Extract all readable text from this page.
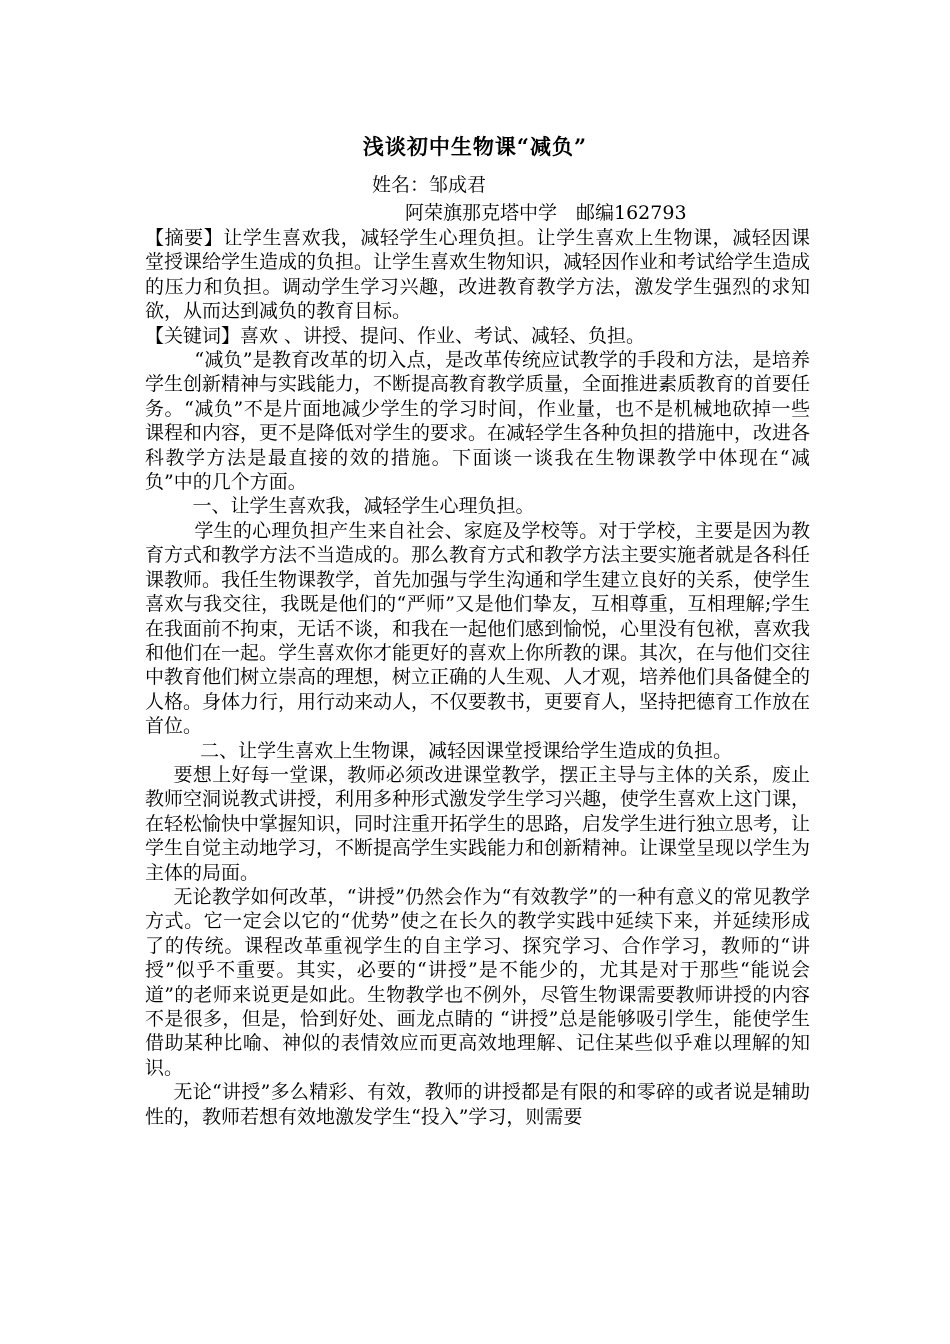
浅谈初中生物课“减负”
姓名：邹成君
阿荣旗那克塔中学　邮编162793

【摘要】让学生喜欢我，减轻学生心理负担。让学生喜欢上生物课，减轻因课堂授课给学生造成的负担。让学生喜欢生物知识，减轻因作业和考试给学生造成的压力和负担。调动学生学习兴趣，改进教育教学方法，激发学生强烈的求知欲，从而达到减负的教育目标。

【关键词】喜欢 、讲授、提问、作业、考试、减轻、负担。

“减负”是教育改革的切入点，是改革传统应试教学的手段和方法，是培养学生创新精神与实践能力，不断提高教育教学质量，全面推进素质教育的首要任务。“减负”不是片面地减少学生的学习时间，作业量，也不是机械地砍掉一些课程和内容，更不是降低对学生的要求。在减轻学生各种负担的措施中，改进各科教学方法是最直接的效的措施。下面谈一谈我在生物课教学中体现在“减负”中的几个方面。

一、让学生喜欢我，减轻学生心理负担。

学生的心理负担产生来自社会、家庭及学校等。对于学校，主要是因为教育方式和教学方法不当造成的。那么教育方式和教学方法主要实施者就是各科任课教师。我任生物课教学，首先加强与学生沟通和学生建立良好的关系，使学生喜欢与我交往，我既是他们的“严师”又是他们挚友，互相尊重，互相理解;学生在我面前不拘束，无话不谈，和我在一起他们感到愉悦，心里没有包袱，喜欢我和他们在一起。学生喜欢你才能更好的喜欢上你所教的课。其次，在与他们交往中教育他们树立崇高的理想，树立正确的人生观、人才观，培养他们具备健全的人格。身体力行，用行动来动人，不仅要教书，更要育人，坚持把德育工作放在首位。

二、让学生喜欢上生物课，减轻因课堂授课给学生造成的负担。

要想上好每一堂课，教师必须改进课堂教学，摆正主导与主体的关系，废止教师空洞说教式讲授，利用多种形式激发学生学习兴趣，使学生喜欢上这门课，在轻松愉快中掌握知识，同时注重开拓学生的思路，启发学生进行独立思考，让学生自觉主动地学习，不断提高学生实践能力和创新精神。让课堂呈现以学生为主体的局面。

无论教学如何改革，“讲授”仍然会作为“有效教学”的一种有意义的常见教学方式。它一定会以它的“优势”使之在长久的教学实践中延续下来，并延续形成了的传统。课程改革重视学生的自主学习、探究学习、合作学习，教师的“讲授”似乎不重要。其实，必要的“讲授”是不能少的，尤其是对于那些“能说会道”的老师来说更是如此。生物教学也不例外，尽管生物课需要教师讲授的内容不是很多，但是，恰到好处、画龙点睛的 “讲授”总是能够吸引学生，能使学生借助某种比喻、神似的表情效应而更高效地理解、记住某些似乎难以理解的知识。

无论“讲授”多么精彩、有效，教师的讲授都是有限的和零碎的或者说是辅助性的，教师若想有效地激发学生“投入”学习，则需要
